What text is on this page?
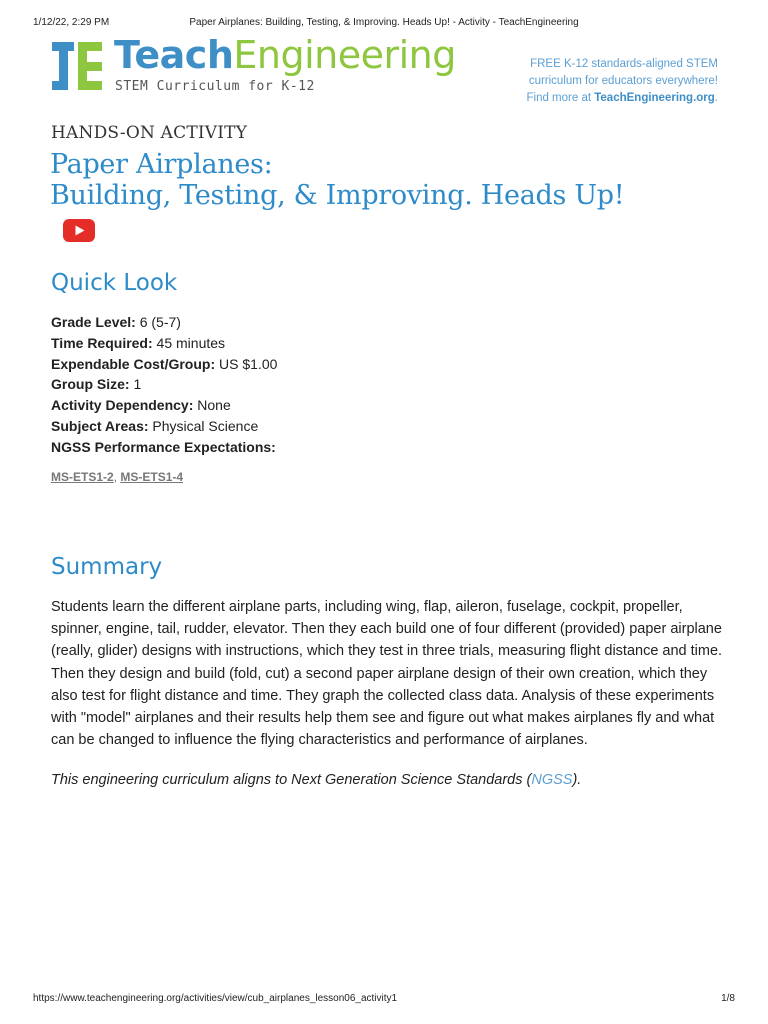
1/12/22, 2:29 PM	Paper Airplanes: Building, Testing, & Improving. Heads Up! - Activity - TeachEngineering
TeachEngineering
STEM Curriculum for K-12
FREE K-12 standards-aligned STEM
curriculum for educators everywhere!
Find more at TeachEngineering.org.
HANDS-ON ACTIVITY
Paper Airplanes:
Building, Testing, & Improving. Heads Up!
Quick Look
Grade Level: 6 (5-7)
Time Required: 45 minutes
Expendable Cost/Group: US $1.00
Group Size: 1
Activity Dependency: None
Subject Areas: Physical Science
NGSS Performance Expectations:
MS-ETS1-2, MS-ETS1-4
Summary

Students learn the different airplane parts, including wing, flap, aileron, fuselage, cockpit, propeller, spinner, engine, tail, rudder, elevator. Then they each build one of four different (provided) paper airplane (really, glider) designs with instructions, which they test in three trials, measuring flight distance and time. Then they design and build (fold, cut) a second paper airplane design of their own creation, which they also test for flight distance and time. They graph the collected class data. Analysis of these experiments with "model" airplanes and their results help them see and figure out what makes airplanes fly and what can be changed to influence the flying characteristics and performance of airplanes.

This engineering curriculum aligns to Next Generation Science Standards (NGSS).
https://www.teachengineering.org/activities/view/cub_airplanes_lesson06_activity1	1/8
